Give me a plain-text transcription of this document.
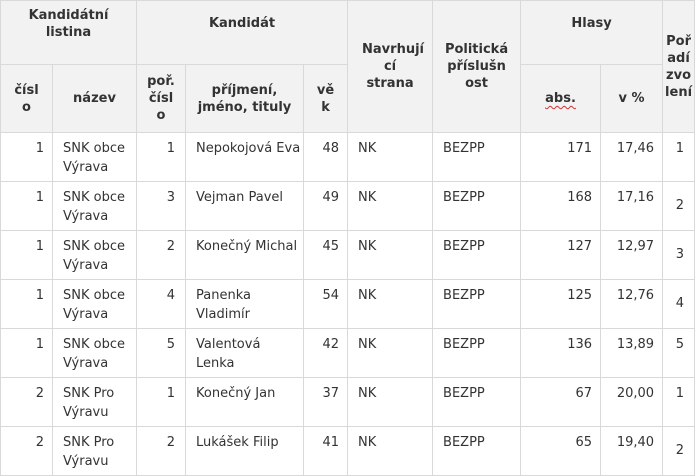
Kandidátní listina		Kandidát			Navrhují cí strana	Politická příslušn ost	Hlasy		Poř adí zvo lení
čísl o	název	poř. čísl o	příjmení, jméno, tituly	vě k			abs.	v %	
1	SNK obce Výrava	1	Nepokojová Eva	48	NK	BEZPP	171	17,46	1
1	SNK obce Výrava	3	Vejman Pavel	49	NK	BEZPP	168	17,16	2
1	SNK obce Výrava	2	Konečný Michal	45	NK	BEZPP	127	12,97	3
1	SNK obce Výrava	4	Panenka Vladimír	54	NK	BEZPP	125	12,76	4
1	SNK obce Výrava	5	Valentová Lenka	42	NK	BEZPP	136	13,89	5
2	SNK Pro Výravu	1	Konečný Jan	37	NK	BEZPP	67	20,00	1
2	SNK Pro Výravu	2	Lukášek Filip	41	NK	BEZPP	65	19,40	2
